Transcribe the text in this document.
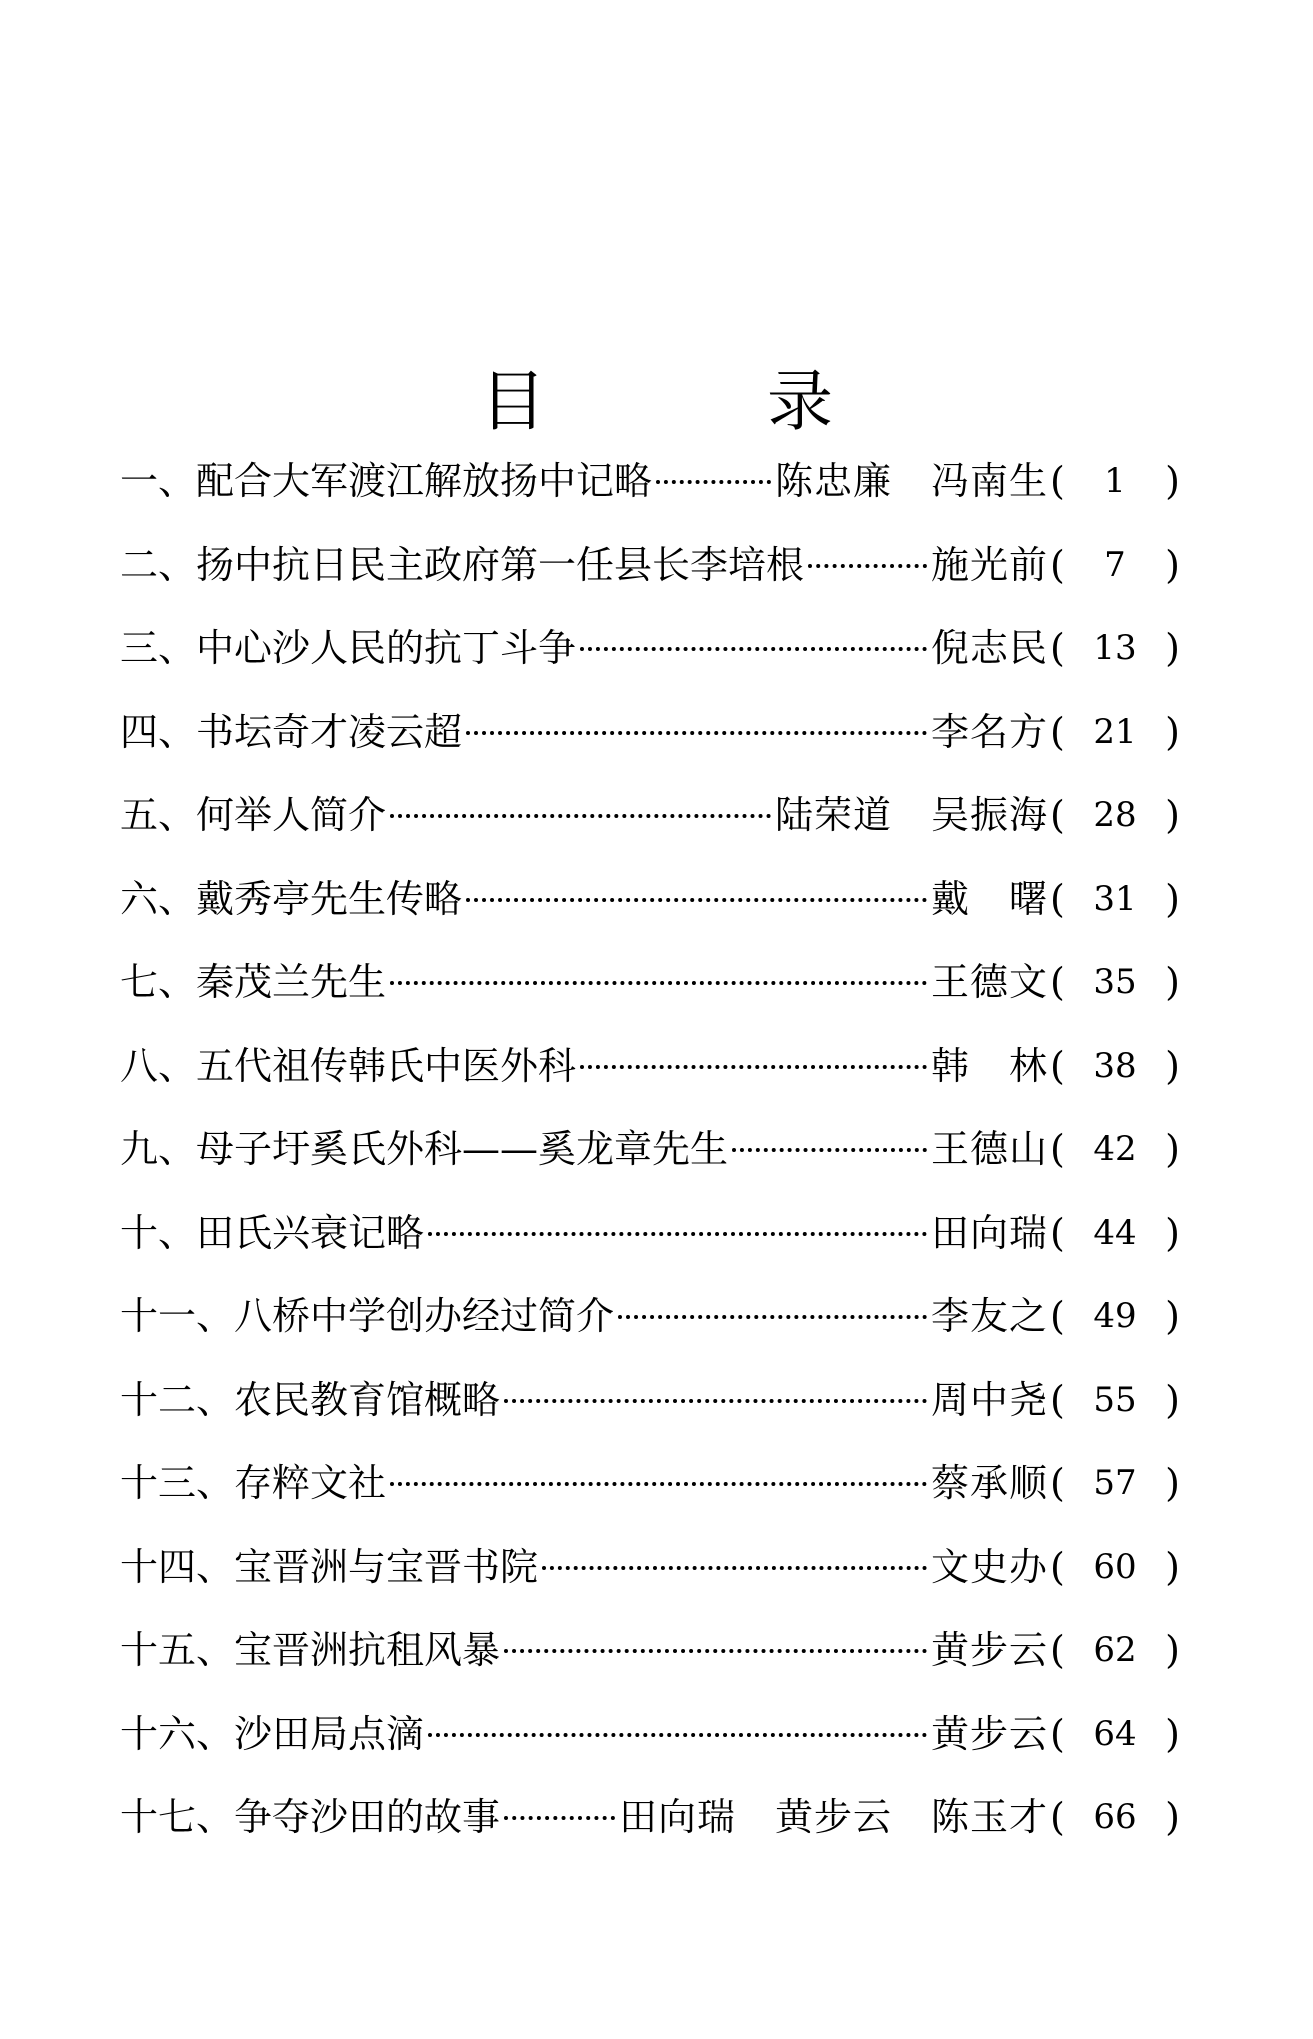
目 录
一、配合大军渡江解放扬中记略	陈忠廉　冯南生 (	1	)
二、扬中抗日民主政府第一任县长李培根	施光前 (	7	)
三、中心沙人民的抗丁斗争	倪志民 ( 13 )
四、书坛奇才凌云超	李名方 ( 21 )
五、何举人简介	陆荣道　吴振海 ( 28 )
六、戴秀亭先生传略	戴　曙 ( 31 )
七、秦茂兰先生	王德文 ( 35 )
八、五代祖传韩氏中医外科	韩　林 ( 38 )
九、母子圩奚氏外科——奚龙章先生	王德山 ( 42 )
十、田氏兴衰记略	田向瑞 ( 44 )
十一、八桥中学创办经过简介	李友之 ( 49 )
十二、农民教育馆概略	周中尧 ( 55 )
十三、存粹文社	蔡承顺 ( 57 )
十四、宝晋洲与宝晋书院	文史办 ( 60 )
十五、宝晋洲抗租风暴	黄步云 ( 62 )
十六、沙田局点滴	黄步云 ( 64 )
十七、争夺沙田的故事	田向瑞　黄步云　陈玉才 ( 66 )
